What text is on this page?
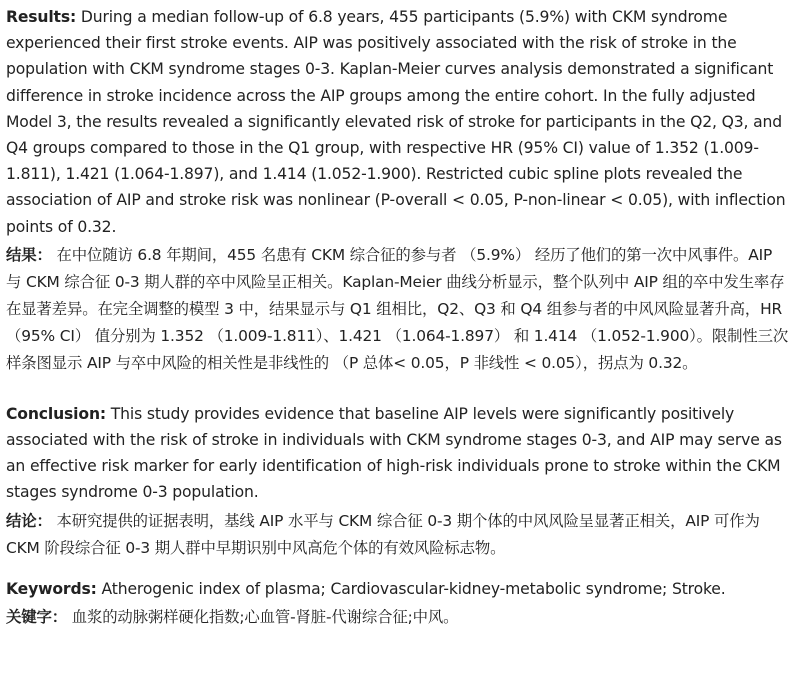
Results: During a median follow-up of 6.8 years, 455 participants (5.9%) with CKM syndrome experienced their first stroke events. AIP was positively associated with the risk of stroke in the population with CKM syndrome stages 0-3. Kaplan-Meier curves analysis demonstrated a significant difference in stroke incidence across the AIP groups among the entire cohort. In the fully adjusted Model 3, the results revealed a significantly elevated risk of stroke for participants in the Q2, Q3, and Q4 groups compared to those in the Q1 group, with respective HR (95% CI) value of 1.352 (1.009-1.811), 1.421 (1.064-1.897), and 1.414 (1.052-1.900). Restricted cubic spline plots revealed the association of AIP and stroke risk was nonlinear (P-overall < 0.05, P-non-linear < 0.05), with inflection points of 0.32.

结果： 在中位随访 6.8 年期间，455 名患有 CKM 综合征的参与者 （5.9%） 经历了他们的第一次中风事件。AIP 与 CKM 综合征 0-3 期人群的卒中风险呈正相关。Kaplan-Meier 曲线分析显示，整个队列中 AIP 组的卒中发生率存在显著差异。在完全调整的模型 3 中，结果显示与 Q1 组相比，Q2、Q3 和 Q4 组参与者的中风风险显著升高，HR （95% CI） 值分别为 1.352 （1.009-1.811）、1.421 （1.064-1.897） 和 1.414 （1.052-1.900）。限制性三次样条图显示 AIP 与卒中风险的相关性是非线性的 （P 总体< 0.05，P 非线性 < 0.05），拐点为 0.32。

Conclusion: This study provides evidence that baseline AIP levels were significantly positively associated with the risk of stroke in individuals with CKM syndrome stages 0-3, and AIP may serve as an effective risk marker for early identification of high-risk individuals prone to stroke within the CKM stages syndrome 0-3 population.

结论： 本研究提供的证据表明，基线 AIP 水平与 CKM 综合征 0-3 期个体的中风风险呈显著正相关，AIP 可作为 CKM 阶段综合征 0-3 期人群中早期识别中风高危个体的有效风险标志物。

Keywords: Atherogenic index of plasma; Cardiovascular-kidney-metabolic syndrome; Stroke.

关键字： 血浆的动脉粥样硬化指数;心血管-肾脏-代谢综合征;中风。
